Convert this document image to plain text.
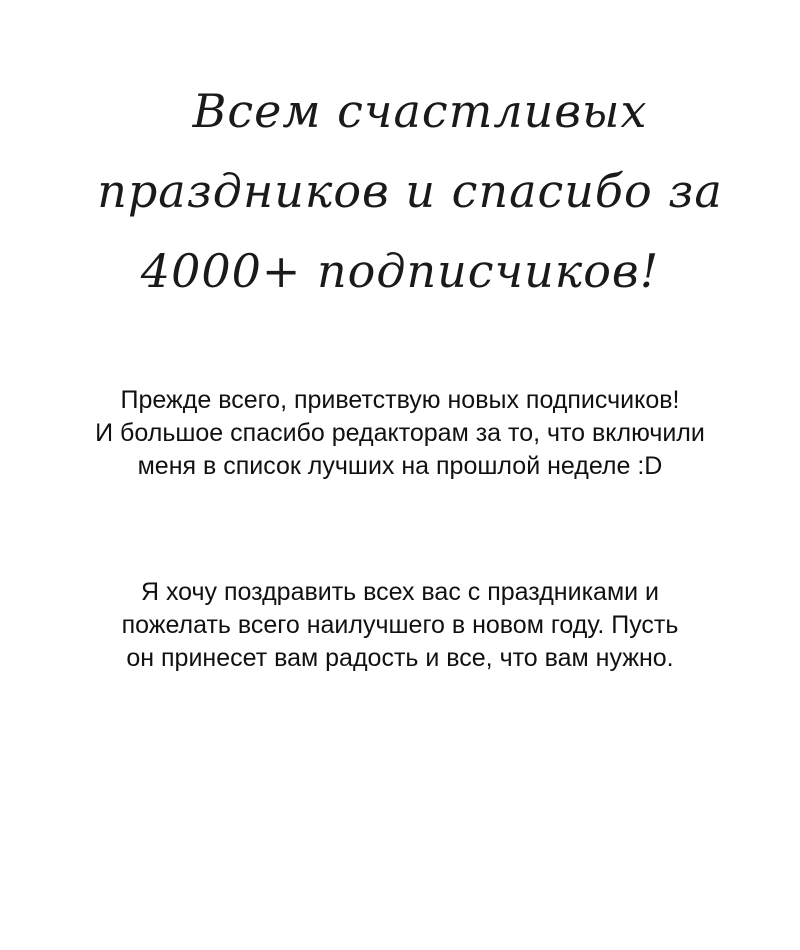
Всем счастливых
праздников и спасибо за
4000+ подписчиков!
Прежде всего, приветствую новых подписчиков!
И большое спасибо редакторам за то, что включили
меня в список лучших на прошлой неделе :D
Я хочу поздравить всех вас с праздниками и
пожелать всего наилучшего в новом году. Пусть
он принесет вам радость и все, что вам нужно.
